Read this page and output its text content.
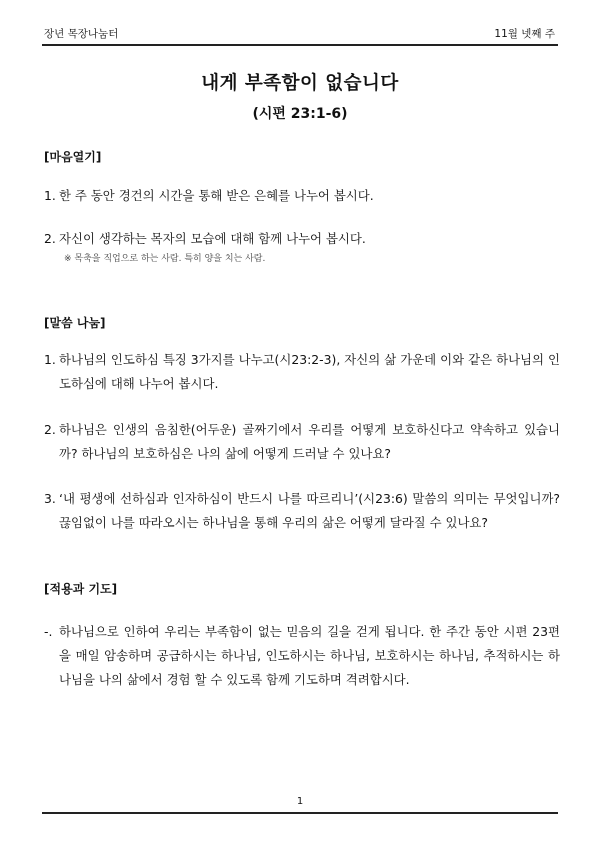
장년 목장나눔터	11월 넷째 주
내게 부족함이 없습니다
(시편 23:1-6)
[마음열기]
1. 한 주 동안 경건의 시간을 통해 받은 은혜를 나누어 봅시다.
2. 자신이 생각하는 목자의 모습에 대해 함께 나누어 봅시다.
※ 목축을 직업으로 하는 사람. 특히 양을 치는 사람.
[말씀 나눔]
1. 하나님의 인도하심 특징 3가지를 나누고(시23:2-3), 자신의 삶 가운데 이와 같은 하나님의 인도하심에 대해 나누어 봅시다.
2. 하나님은 인생의 음침한(어두운) 골짜기에서 우리를 어떻게 보호하신다고 약속하고 있습니까? 하나님의 보호하심은 나의 삶에 어떻게 드러날 수 있나요?
3. ‘내 평생에 선하심과 인자하심이 반드시 나를 따르리니’(시23:6) 말씀의 의미는 무엇입니까? 끊임없이 나를 따라오시는 하나님을 통해 우리의 삶은 어떻게 달라질 수 있나요?
[적용과 기도]
-. 하나님으로 인하여 우리는 부족함이 없는 믿음의 길을 걷게 됩니다. 한 주간 동안 시편 23편을 매일 암송하며 공급하시는 하나님, 인도하시는 하나님, 보호하시는 하나님, 추적하시는 하나님을 나의 삶에서 경험 할 수 있도록 함께 기도하며 격려합시다.
1
